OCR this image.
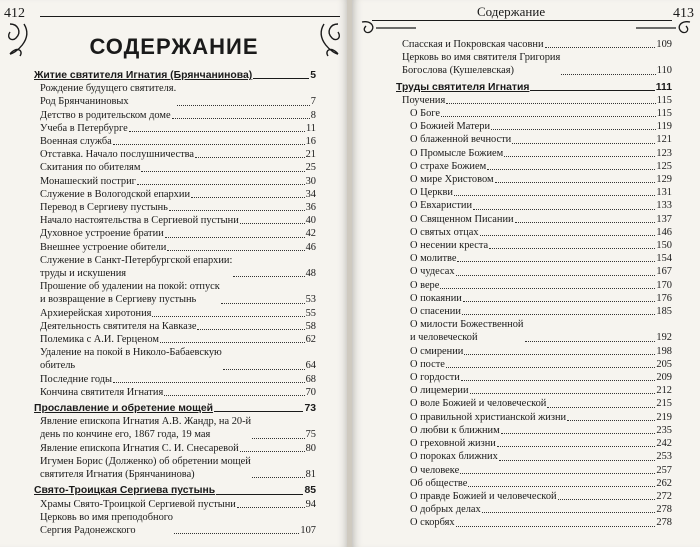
412
СОДЕРЖАНИЕ
Житие святителя Игнатия (Брянчанинова)	5
Рождение будущего святителя.
Род Брянчаниновых	7
Детство в родительском доме	8
Учеба в Петербурге	11
Военная служба	16
Отставка. Начало послушничества	21
Скитания по обителям	25
Монашеский постриг	30
Служение в Вологодской епархии	34
Перевод в Сергиеву пустынь	36
Начало настоятельства в Сергиевой пустыни	40
Духовное устроение братии	42
Внешнее устроение обители	46
Служение в Санкт-Петербургской епархии:
труды и искушения	48
Прошение об удалении на покой: отпуск
и возвращение в Сергиеву пустынь	53
Архиерейская хиротония	55
Деятельность святителя на Кавказе	58
Полемика с А.И. Герценом	62
Удаление на покой в Николо-Бабаевскую
обитель	64
Последние годы	68
Кончина святителя Игнатия	70
Прославление и обретение мощей	73
Явление епископа Игнатия А.В. Жандр, на 20-й
день по кончине его, 1867 года, 19 мая	75
Явление епископа Игнатия С. И. Снесаревой	80
Игумен Борис (Долженко) об обретении мощей
святителя Игнатия (Брянчанинова)	81
Свято-Троицкая Сергиева пустынь	85
Храмы Свято-Троицкой Сергиевой пустыни	94
Церковь во имя преподобного
Сергия Радонежского	107
Содержание	413
Спасская и Покровская часовни	109
Церковь во имя святителя Григория
Богослова (Кушелевская)	110
Труды святителя Игнатия	111
Поучения	115
О Боге	115
О Божией Матери	119
О блаженной вечности	121
О Промысле Божием	123
О страхе Божием	125
О мире Христовом	129
О Церкви	131
О Евхаристии	133
О Священном Писании	137
О святых отцах	146
О несении креста	150
О молитве	154
О чудесах	167
О вере	170
О покаянии	176
О спасении	185
О милости Божественной
и человеческой	192
О смирении	198
О посте	205
О гордости	209
О лицемерии	212
О воле Божией и человеческой	215
О правильной христианской жизни	219
О любви к ближним	235
О греховной жизни	242
О пороках ближних	253
О человеке	257
Об обществе	262
О правде Божией и человеческой	272
О добрых делах	278
О скорбях	278
